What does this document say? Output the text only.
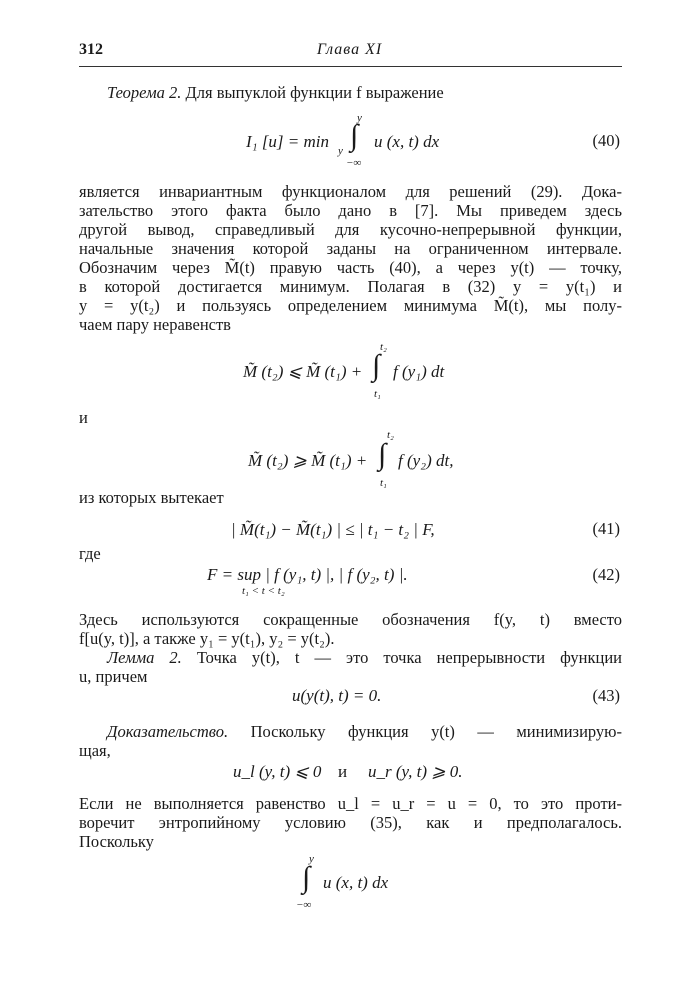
312	Глава XI
Теорема 2. Для выпуклой функции f выражение
I₁ [u] = min y
y
∫
−∞
u (x, t) dx	(40)
является инвариантным функционалом для решений (29). Дока-
зательство этого факта было дано в [7]. Мы приведем здесь
другой вывод, справедливый для кусочно-непрерывной функции,
начальные значения которой заданы на ограниченном интервале.
Обозначим через M̃(t) правую часть (40), а через y(t) — точку,
в которой достигается минимум. Полагая в (32) y = y(t₁) и
y = y(t₂) и пользуясь определением минимума M̃(t), мы полу-
чаем пару неравенств
M̃ (t₂) ⩽ M̃ (t₁) +
t₂
∫
t₁
f (y₁) dt
и
M̃ (t₂) ⩾ M̃ (t₁) +
t₂
∫
t₁
f (y₂) dt,
из которых вытекает
| M̃(t₁) − M̃(t₁) | ≤ | t₁ − t₂ | F,	(41)
где
F = sup | f (y₁, t) |, | f (y₂, t) |.
t₁ < t < t₂
(42)
Здесь используются сокращенные обозначения f(y, t) вместо
f[u(y, t)], а также y₁ = y(t₁), y₂ = y(t₂).
Лемма 2. Точка y(t), t — это точка непрерывности функции
u, причем
u(y(t), t) = 0.	(43)
Доказательство. Поскольку функция y(t) — минимизирую-
щая,
u_l (y, t) ⩽ 0 и u_r (y, t) ⩾ 0.
Если не выполняется равенство u_l = u_r = u = 0, то это проти-
воречит энтропийному условию (35), как и предполагалось.
Поскольку
y
∫
−∞
u (x, t) dx
